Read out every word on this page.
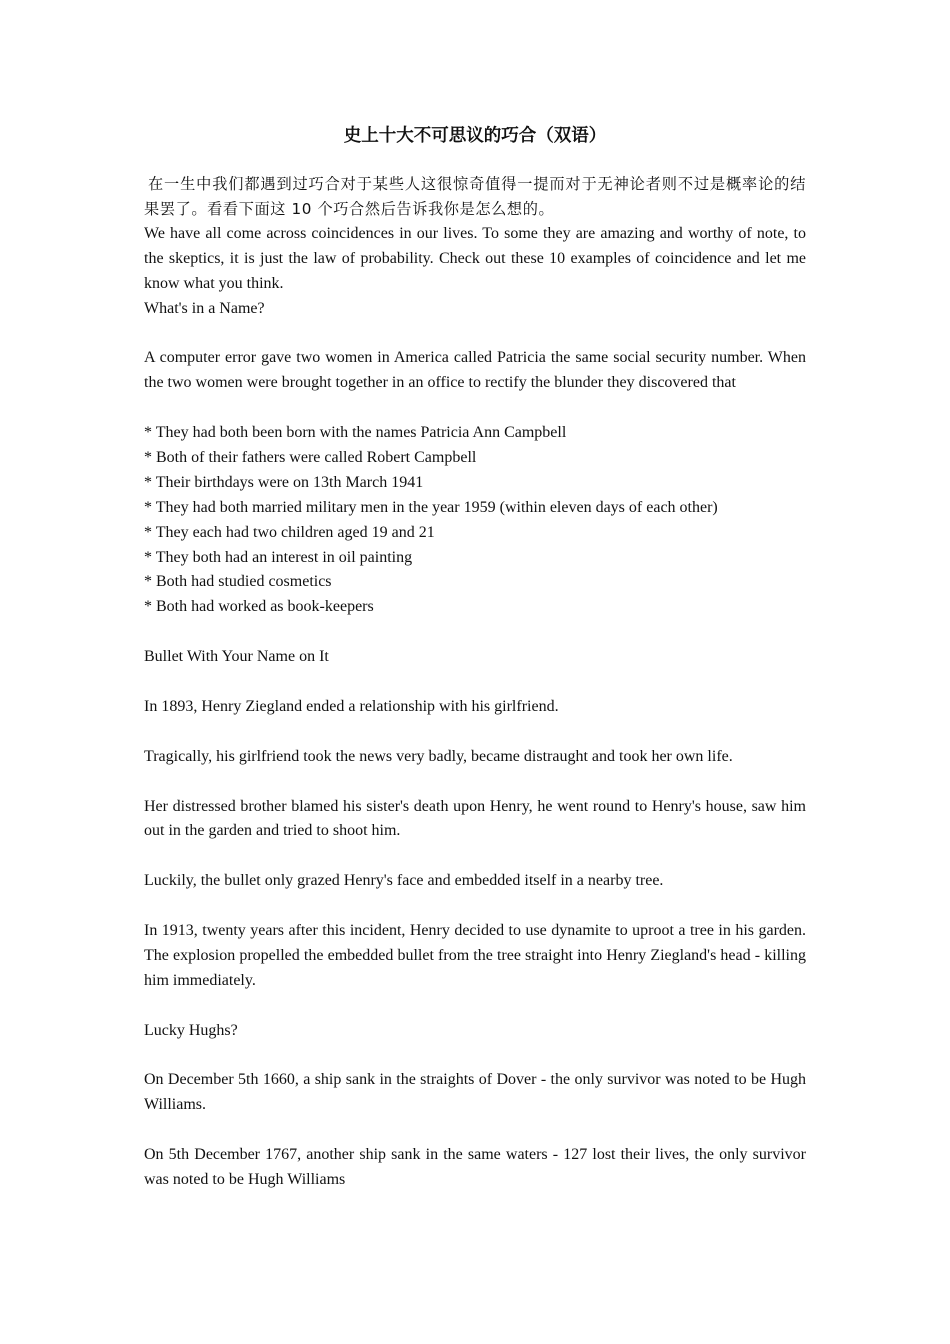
史上十大不可思议的巧合（双语）

在一生中我们都遇到过巧合对于某些人这很惊奇值得一提而对于无神论者则不过是概率论的结果罢了。看看下面这 10 个巧合然后告诉我你是怎么想的。

We have all come across coincidences in our lives. To some they are amazing and worthy of note, to the skeptics, it is just the law of probability. Check out these 10 examples of coincidence and let me know what you think.

What's in a Name?

A computer error gave two women in America called Patricia the same social security number. When the two women were brought together in an office to rectify the blunder they discovered that

* They had both been born with the names Patricia Ann Campbell
* Both of their fathers were called Robert Campbell
* Their birthdays were on 13th March 1941
* They had both married military men in the year 1959 (within eleven days of each other)
* They each had two children aged 19 and 21
* They both had an interest in oil painting
* Both had studied cosmetics
* Both had worked as book-keepers

Bullet With Your Name on It

In 1893, Henry Ziegland ended a relationship with his girlfriend.

Tragically, his girlfriend took the news very badly, became distraught and took her own life.

Her distressed brother blamed his sister's death upon Henry, he went round to Henry's house, saw him out in the garden and tried to shoot him.

Luckily, the bullet only grazed Henry's face and embedded itself in a nearby tree.

In 1913, twenty years after this incident, Henry decided to use dynamite to uproot a tree in his garden. The explosion propelled the embedded bullet from the tree straight into Henry Ziegland's head - killing him immediately.

Lucky Hughs?

On December 5th 1660, a ship sank in the straights of Dover - the only survivor was noted to be Hugh Williams.

On 5th December 1767, another ship sank in the same waters - 127 lost their lives, the only survivor was noted to be Hugh Williams
